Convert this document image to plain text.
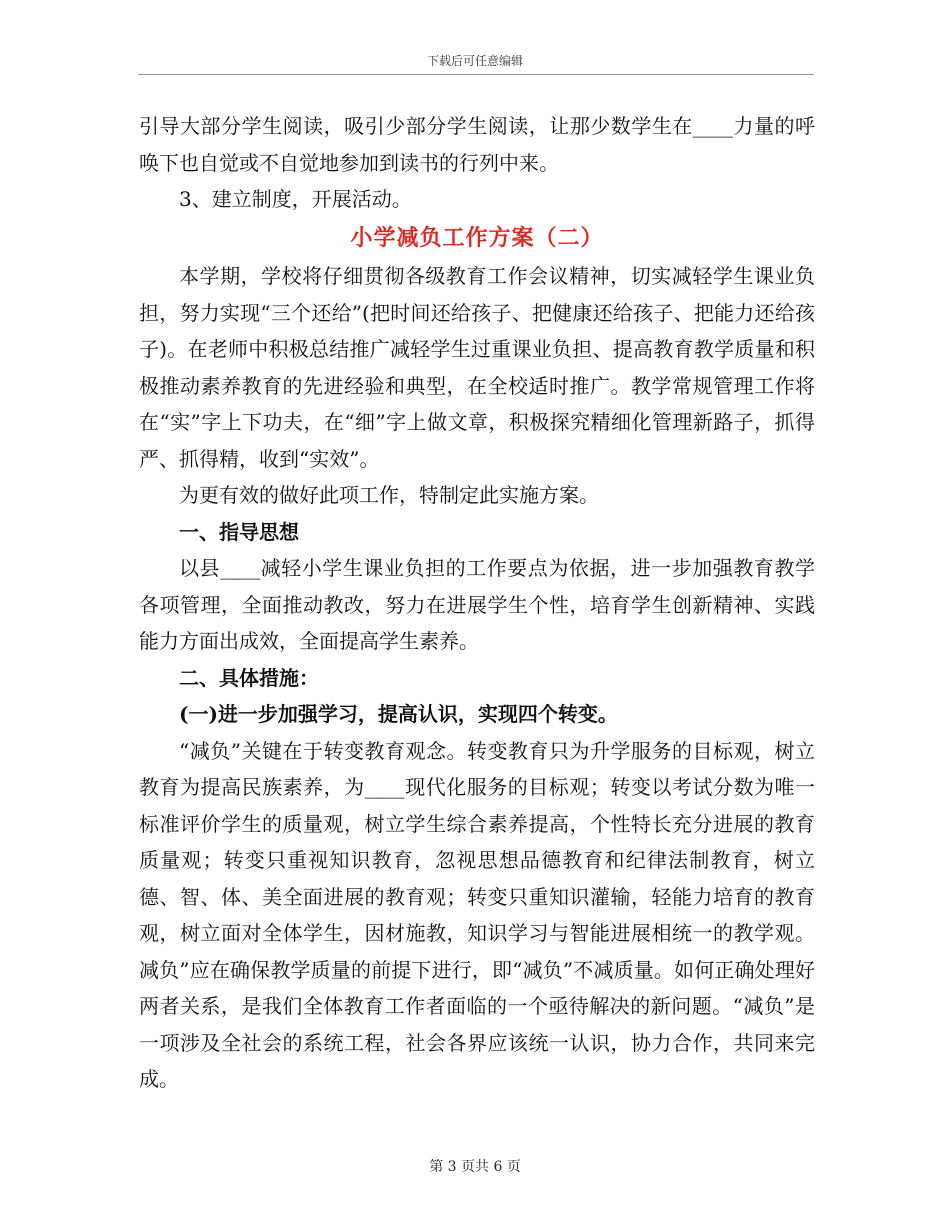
下载后可任意编辑

引导大部分学生阅读，吸引少部分学生阅读，让那少数学生在____力量的呼唤下也自觉或不自觉地参加到读书的行列中来。

3、建立制度，开展活动。

小学减负工作方案（二）

本学期，学校将仔细贯彻各级教育工作会议精神，切实减轻学生课业负担，努力实现“三个还给”(把时间还给孩子、把健康还给孩子、把能力还给孩子)。在老师中积极总结推广减轻学生过重课业负担、提高教育教学质量和积极推动素养教育的先进经验和典型，在全校适时推广。教学常规管理工作将在“实”字上下功夫，在“细”字上做文章，积极探究精细化管理新路子，抓得严、抓得精，收到“实效”。

为更有效的做好此项工作，特制定此实施方案。

一、指导思想

以县____减轻小学生课业负担的工作要点为依据，进一步加强教育教学各项管理，全面推动教改，努力在进展学生个性，培育学生创新精神、实践能力方面出成效，全面提高学生素养。

二、具体措施：

(一)进一步加强学习，提高认识，实现四个转变。

“减负”关键在于转变教育观念。转变教育只为升学服务的目标观，树立教育为提高民族素养，为____现代化服务的目标观；转变以考试分数为唯一标准评价学生的质量观，树立学生综合素养提高，个性特长充分进展的教育质量观；转变只重视知识教育，忽视思想品德教育和纪律法制教育，树立德、智、体、美全面进展的教育观；转变只重知识灌输，轻能力培育的教育观，树立面对全体学生，因材施教，知识学习与智能进展相统一的教学观。减负”应在确保教学质量的前提下进行，即“减负”不减质量。如何正确处理好两者关系，是我们全体教育工作者面临的一个亟待解决的新问题。“减负”是一项涉及全社会的系统工程，社会各界应该统一认识，协力合作，共同来完成。

第 3 页共 6 页
